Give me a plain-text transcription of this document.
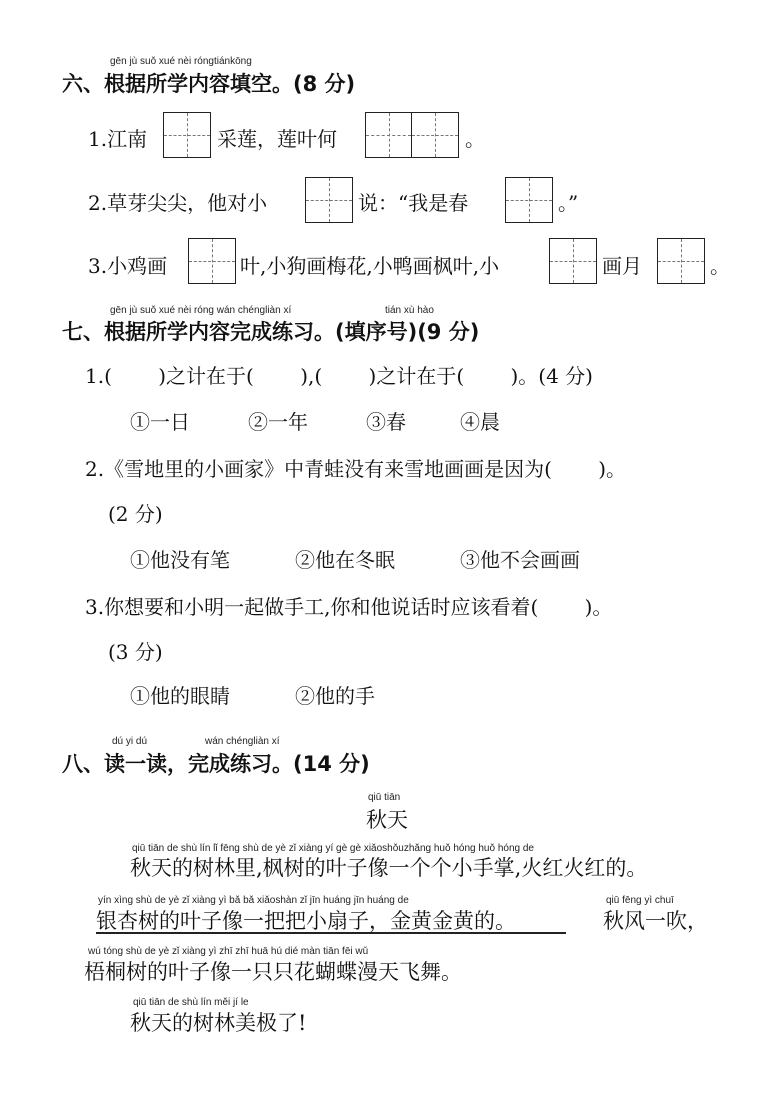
gēn jù suǒ xué nèi róngtiánkōng
六、根据所学内容填空。(8 分)
1.江南	采莲，莲叶何	。
2.草芽尖尖，他对小	说：“我是春	。”
3.小鸡画	叶,小狗画梅花,小鸭画枫叶,小	画月	。
gēn jù suǒ xué nèi róng wán chéngliàn xí	tián xù hào
七、根据所学内容完成练习。(填序号)(9 分)
1.(　　 )之计在于(　　 ),(　　 )之计在于(　　 )。(4 分)
①一日	②一年	③春	④晨
2.《雪地里的小画家》中青蛙没有来雪地画画是因为(　　 )。
(2 分)
①他没有笔	②他在冬眠	③他不会画画
3.你想要和小明一起做手工,你和他说话时应该看着(　　 )。
(3 分)
①他的眼睛	②他的手
dú yi dú	wán chéngliàn xí
八、读一读，完成练习。(14 分)
qiū tiān
秋天
qiū tiān de shù lín lǐ fēng shù de yè zǐ xiàng yí gè gè xiǎoshǒuzhǎng huǒ hóng huǒ hóng de
秋天的树林里,枫树的叶子像一个个小手掌,火红火红的。
yín xìng shù de yè zǐ xiàng yì bǎ bǎ xiǎoshàn zǐ jīn huáng jīn huáng de	qiū fēng yì chuī
银杏树的叶子像一把把小扇子，金黄金黄的。	秋风一吹，
wú tóng shù de yè zǐ xiàng yì zhī zhī huā hú dié màn tiān fēi wǔ
梧桐树的叶子像一只只花蝴蝶漫天飞舞。
qiū tiān de shù lín měi jí le
秋天的树林美极了!
